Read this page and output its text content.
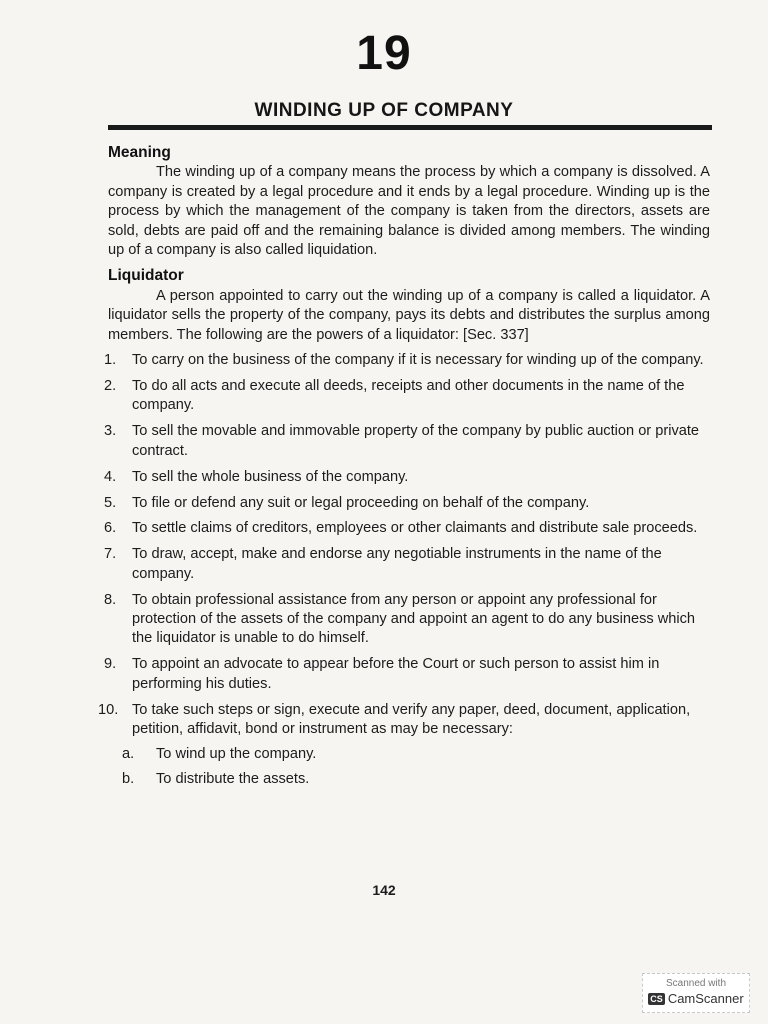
19
WINDING UP OF COMPANY
Meaning

The winding up of a company means the process by which a company is dissolved. A company is created by a legal procedure and it ends by a legal procedure. Winding up is the process by which the management of the company is taken from the directors, assets are sold, debts are paid off and the remaining balance is divided among members. The winding up of a company is also called liquidation.

Liquidator

A person appointed to carry out the winding up of a company is called a liquidator. A liquidator sells the property of the company, pays its debts and distributes the surplus among members. The following are the powers of a liquidator: [Sec. 337]

1.	To carry on the business of the company if it is necessary for winding up of the company.
2.	To do all acts and execute all deeds, receipts and other documents in the name of the company.
3.	To sell the movable and immovable property of the company by public auction or private contract.
4.	To sell the whole business of the company.
5.	To file or defend any suit or legal proceeding on behalf of the company.
6.	To settle claims of creditors, employees or other claimants and distribute sale proceeds.
7.	To draw, accept, make and endorse any negotiable instruments in the name of the company.
8.	To obtain professional assistance from any person or appoint any professional for protection of the assets of the company and appoint an agent to do any business which the liquidator is unable to do himself.
9.	To appoint an advocate to appear before the Court or such person to assist him in performing his duties.
10. To take such steps or sign, execute and verify any paper, deed, document, application, petition, affidavit, bond or instrument as may be necessary:
a.	To wind up the company.
b.	To distribute the assets.
142
Scanned with
CS CamScanner
